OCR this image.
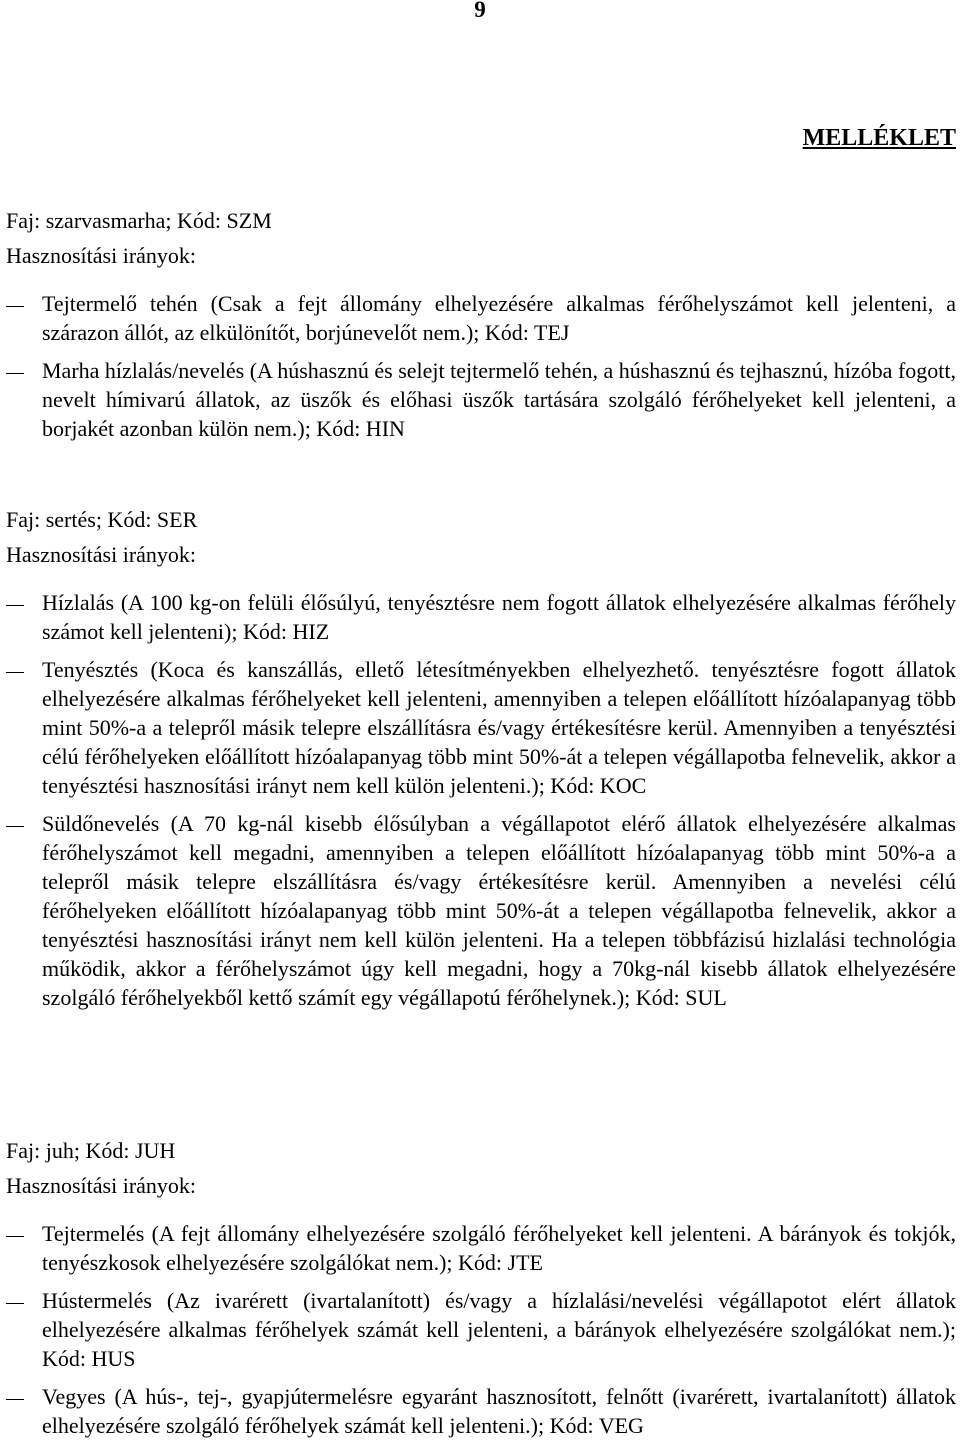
9
MELLÉKLET
Faj: szarvasmarha; Kód: SZM
Hasznosítási irányok:
Tejtermelő tehén (Csak a fejt állomány elhelyezésére alkalmas férőhelyszámot kell jelenteni, a szárazon állót, az elkülönítőt, borjúnevelőt nem.); Kód: TEJ
Marha hízlalás/nevelés (A húshasznú és selejt tejtermelő tehén, a húshasznú és tejhasznú, hízóba fogott, nevelt hímivarú állatok, az üszők és előhasi üszők tartására szolgáló férőhelyeket kell jelenteni, a borjakét azonban külön nem.); Kód: HIN
Faj: sertés; Kód: SER
Hasznosítási irányok:
Hízlalás (A 100 kg-on felüli élősúlyú, tenyésztésre nem fogott állatok elhelyezésére alkalmas férőhely számot kell jelenteni); Kód: HIZ
Tenyésztés (Koca és kanszállás, ellető létesítményekben elhelyezhető. tenyésztésre fogott állatok elhelyezésére alkalmas férőhelyeket kell jelenteni, amennyiben a telepen előállított hízóalapanyag több mint 50%-a a telepről másik telepre elszállításra és/vagy értékesítésre kerül. Amennyiben a tenyésztési célú férőhelyeken előállított hízóalapanyag több mint 50%-át a telepen végállapotba felnevelik, akkor a tenyésztési hasznosítási irányt nem kell külön jelenteni.); Kód: KOC
Süldőnevelés (A 70 kg-nál kisebb élősúlyban a végállapotot elérő állatok elhelyezésére alkalmas férőhelyszámot kell megadni, amennyiben a telepen előállított hízóalapanyag több mint 50%-a a telepről másik telepre elszállításra és/vagy értékesítésre kerül. Amennyiben a nevelési célú férőhelyeken előállított hízóalapanyag több mint 50%-át a telepen végállapotba felnevelik, akkor a tenyésztési hasznosítási irányt nem kell külön jelenteni. Ha a telepen többfázisú hizlalási technológia működik, akkor a férőhelyszámot úgy kell megadni, hogy a 70kg-nál kisebb állatok elhelyezésére szolgáló férőhelyekből kettő számít egy végállapotú férőhelynek.); Kód: SUL
Faj: juh; Kód: JUH
Hasznosítási irányok:
Tejtermelés (A fejt állomány elhelyezésére szolgáló férőhelyeket kell jelenteni. A bárányok és tokjók, tenyészkosok elhelyezésére szolgálókat nem.); Kód: JTE
Hústermelés (Az ivarérett (ivartalanított) és/vagy a hízlalási/nevelési végállapotot elért állatok elhelyezésére alkalmas férőhelyek számát kell jelenteni, a bárányok elhelyezésére szolgálókat nem.); Kód: HUS
Vegyes (A hús-, tej-, gyapjútermelésre egyaránt hasznosított, felnőtt (ivarérett, ivartalanított) állatok elhelyezésére szolgáló férőhelyek számát kell jelenteni.); Kód: VEG
